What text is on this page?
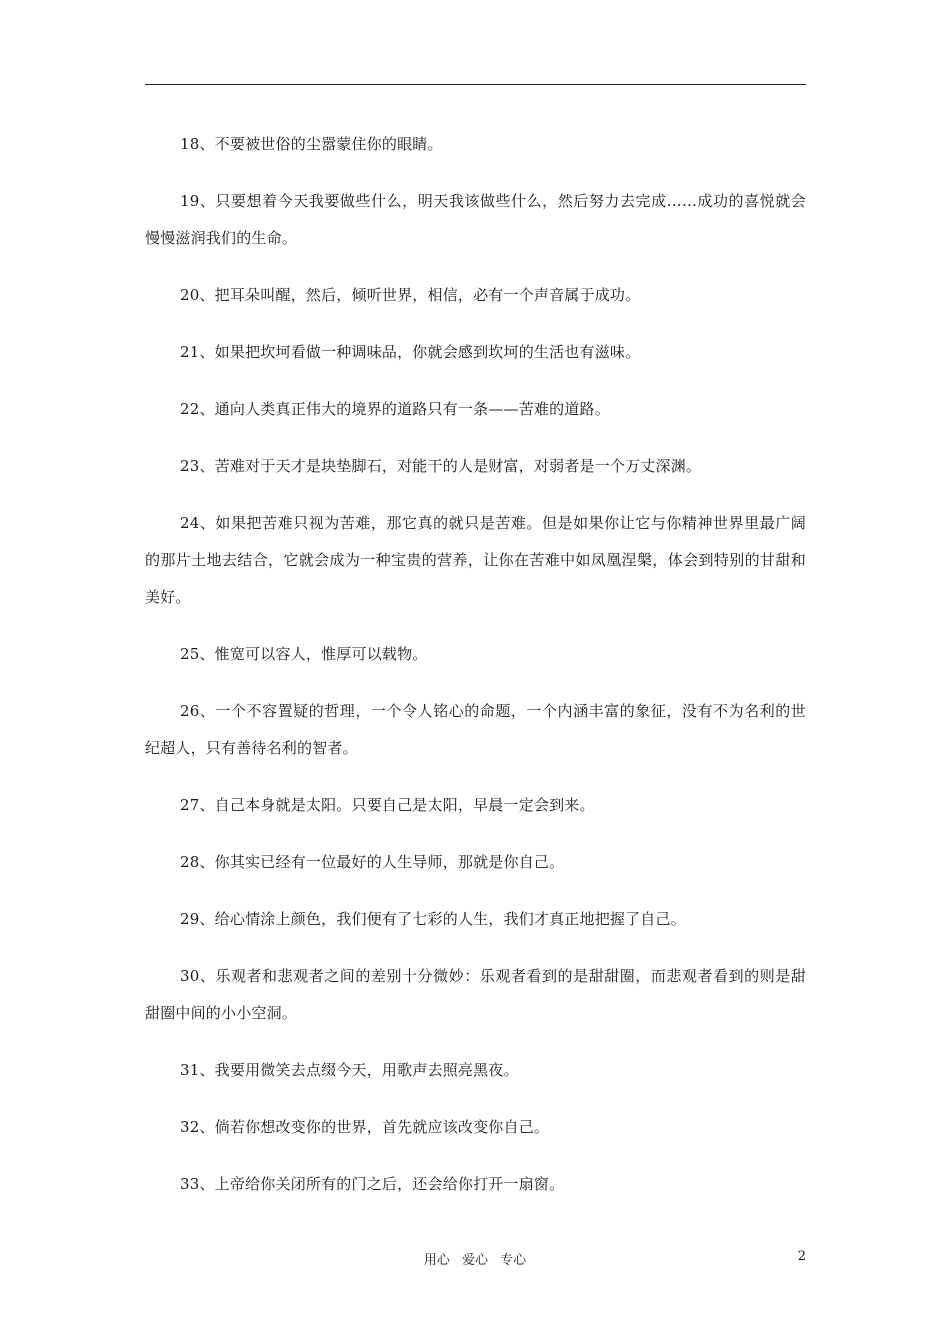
18、不要被世俗的尘嚣蒙住你的眼睛。

19、只要想着今天我要做些什么，明天我该做些什么，然后努力去完成……成功的喜悦就会慢慢滋润我们的生命。

20、把耳朵叫醒，然后，倾听世界，相信，必有一个声音属于成功。

21、如果把坎坷看做一种调味品，你就会感到坎坷的生活也有滋味。

22、通向人类真正伟大的境界的道路只有一条——苦难的道路。

23、苦难对于天才是块垫脚石，对能干的人是财富，对弱者是一个万丈深渊。

24、如果把苦难只视为苦难，那它真的就只是苦难。但是如果你让它与你精神世界里最广阔的那片土地去结合，它就会成为一种宝贵的营养，让你在苦难中如凤凰涅槃，体会到特别的甘甜和美好。

25、惟宽可以容人，惟厚可以载物。

26、一个不容置疑的哲理，一个令人铭心的命题，一个内涵丰富的象征，没有不为名利的世纪超人，只有善待名利的智者。

27、自己本身就是太阳。只要自己是太阳，早晨一定会到来。

28、你其实已经有一位最好的人生导师，那就是你自己。

29、给心情涂上颜色，我们便有了七彩的人生，我们才真正地把握了自己。

30、乐观者和悲观者之间的差别十分微妙：乐观者看到的是甜甜圈，而悲观者看到的则是甜甜圈中间的小小空洞。

31、我要用微笑去点缀今天，用歌声去照亮黑夜。

32、倘若你想改变你的世界，首先就应该改变你自己。

33、上帝给你关闭所有的门之后，还会给你打开一扇窗。

用心 爱心 专心	2
